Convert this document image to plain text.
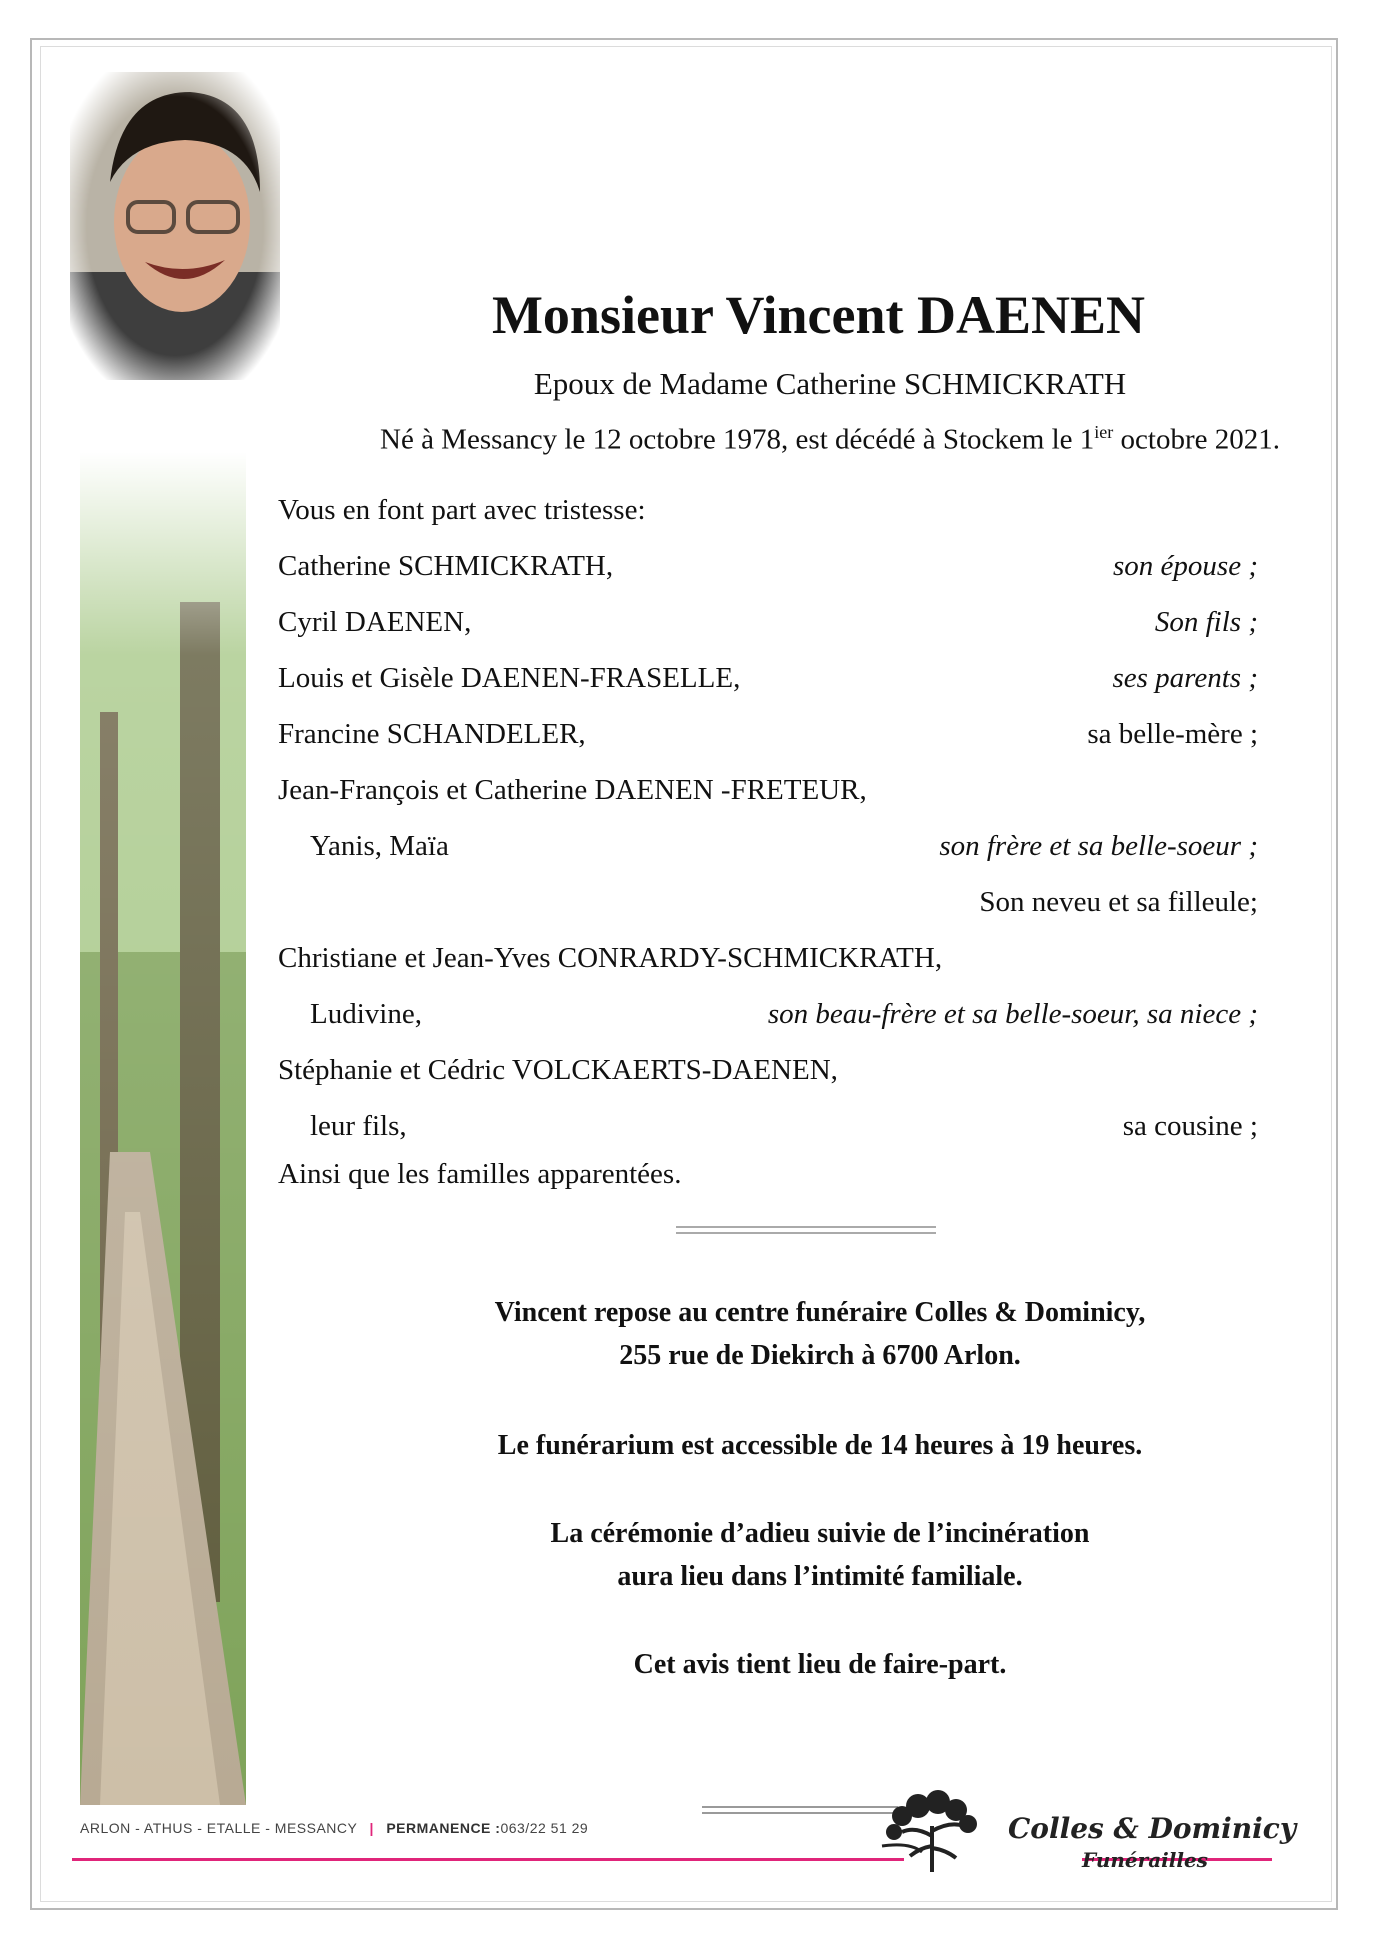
Monsieur Vincent DAENEN
Epoux de Madame Catherine SCHMICKRATH
Né à Messancy le 12 octobre 1978, est décédé à Stockem le $1^{ier}$ octobre 2021.
Vous en font part avec tristesse:
Catherine SCHMICKRATH,	son épouse ;
Cyril DAENEN,	Son fils ;
Louis et Gisèle DAENEN-FRASELLE,	ses parents ;
Francine SCHANDELER,	sa belle-mère ;
Jean-François et Catherine DAENEN -FRETEUR,
Yanis, Maïa	son frère et sa belle-soeur ;
Son neveu et sa filleule;
Christiane et Jean-Yves CONRARDY-SCHMICKRATH,
Ludivine,	son beau-frère et sa belle-soeur, sa niece ;
Stéphanie et Cédric VOLCKAERTS-DAENEN,
leur fils,	sa cousine ;
Ainsi que les familles apparentées.
Vincent repose au centre funéraire Colles & Dominicy,
255 rue de Diekirch à 6700 Arlon.
Le funérarium est accessible de 14 heures à 19 heures.
La cérémonie d’adieu suivie de l’incinération
aura lieu dans l’intimité familiale.
Cet avis tient lieu de faire-part.
ARLON - ATHUS - ETALLE - MESSANCY | PERMANENCE :063/22 51 29	Colles & Dominicy
Funérailles
